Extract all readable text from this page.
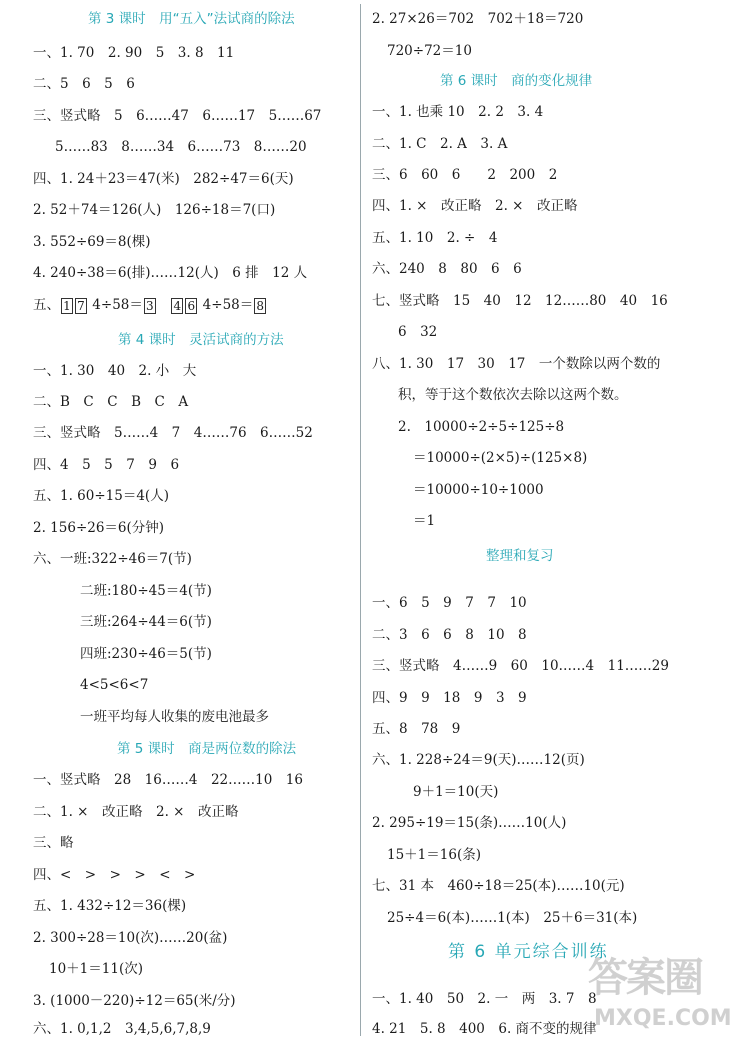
第 3 课时　用“五入”法试商的除法
一、1. 70　2. 90　5　3. 8　11
二、5　6　5　6
三、竖式略　5　6……47　6……17　5……67
5……83　8……34　6……73　8……20
四、1. 24＋23＝47(米)　282÷47＝6(天)
2. 52＋74＝126(人)　126÷18＝7(口)
3. 552÷69＝8(棵)
4. 240÷38＝6(排)……12(人)　6 排　12 人
五、 1 7 4÷58＝ 3　 4 6 4÷58＝ 8
第 4 课时　灵活试商的方法
一、1. 30　40　2. 小　大
二、B　C　C　B　C　A
三、竖式略　5……4　7　4……76　6……52
四、4　5　5　7　9　6
五、1. 60÷15＝4(人)
2. 156÷26＝6(分钟)
六、一班:322÷46＝7(节)
二班:180÷45＝4(节)
三班:264÷44＝6(节)
四班:230÷46＝5(节)
4<5<6<7
一班平均每人收集的废电池最多
第 5 课时　商是两位数的除法
一、竖式略　28　16……4　22……10　16
二、1. ×　改正略　2. ×　改正略
三、略
四、<　>　>　>　<　>
五、1. 432÷12＝36(棵)
2. 300÷28＝10(次)……20(盆)
10＋1＝11(次)
3. (1000－220)÷12＝65(米/分)
六、1. 0,1,2　3,4,5,6,7,8,9
2. 27×26＝702　702＋18＝720
720÷72＝10
第 6 课时　商的变化规律
一、1. 也乘 10　2. 2　3. 4
二、1. C　2. A　3. A
三、6　60　6　　2　200　2
四、1. ×　改正略　2. ×　改正略
五、1. 10　2. ÷　4
六、240　8　80　6　6
七、竖式略　15　40　12　12……80　40　16
6　32
八、1. 30　17　30　17　一个数除以两个数的
积，等于这个数依次去除以这两个数。
2.　10000÷2÷5÷125÷8
＝10000÷(2×5)÷(125×8)
＝10000÷10÷1000
＝1
整理和复习
一、6　5　9　7　7　10
二、3　6　6　8　10　8
三、竖式略　4……9　60　10……4　11……29
四、9　9　18　9　3　9
五、8　78　9
六、1. 228÷24＝9(天)……12(页)
9＋1＝10(天)
2. 295÷19＝15(条)……10(人)
15＋1＝16(条)
七、31 本　460÷18＝25(本)……10(元)
25÷4＝6(本)……1(本)　25＋6＝31(本)
第 6 单元综合训练
一、1. 40　50　2. 一　两　3. 7　8
4. 21　5. 8　400　6. 商不变的规律
答案圈
MXQE.COM
